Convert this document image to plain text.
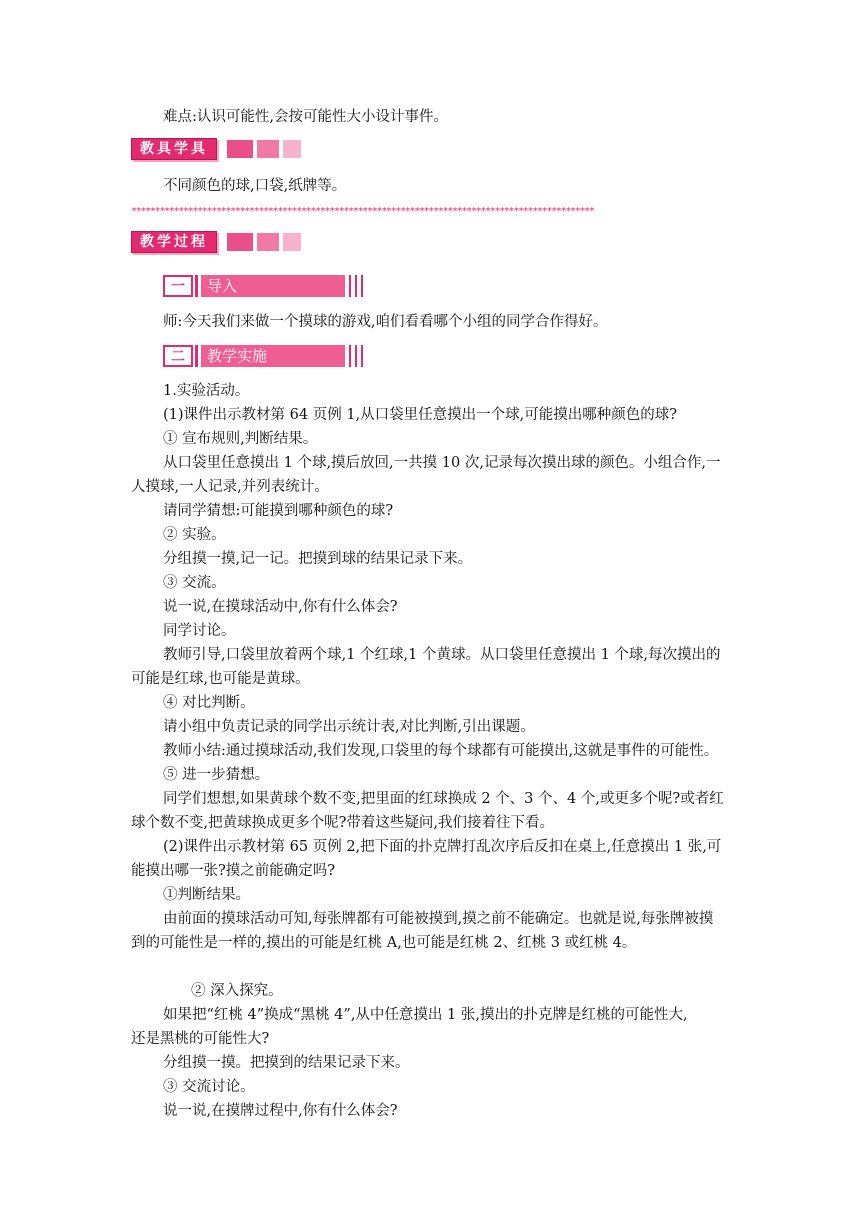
难点:认识可能性,会按可能性大小设计事件。
教具学具
不同颜色的球,口袋,纸牌等。
**************************************************************************************************
教学过程
一	导入
师:今天我们来做一个摸球的游戏,咱们看看哪个小组的同学合作得好。
二	教学实施
1.实验活动。
(1)课件出示教材第 64 页例 1,从口袋里任意摸出一个球,可能摸出哪种颜色的球?
① 宣布规则,判断结果。
从口袋里任意摸出 1 个球,摸后放回,一共摸 10 次,记录每次摸出球的颜色。小组合作,一
人摸球,一人记录,并列表统计。
请同学猜想:可能摸到哪种颜色的球?
② 实验。
分组摸一摸,记一记。把摸到球的结果记录下来。
③ 交流。
说一说,在摸球活动中,你有什么体会?
同学讨论。
教师引导,口袋里放着两个球,1 个红球,1 个黄球。从口袋里任意摸出 1 个球,每次摸出的
可能是红球,也可能是黄球。
④ 对比判断。
请小组中负责记录的同学出示统计表,对比判断,引出课题。
教师小结:通过摸球活动,我们发现,口袋里的每个球都有可能摸出,这就是事件的可能性。
⑤ 进一步猜想。
同学们想想,如果黄球个数不变,把里面的红球换成 2 个、3 个、4 个,或更多个呢?或者红
球个数不变,把黄球换成更多个呢?带着这些疑问,我们接着往下看。
(2)课件出示教材第 65 页例 2,把下面的扑克牌打乱次序后反扣在桌上,任意摸出 1 张,可
能摸出哪一张?摸之前能确定吗?
①判断结果。
由前面的摸球活动可知,每张牌都有可能被摸到,摸之前不能确定。也就是说,每张牌被摸
到的可能性是一样的,摸出的可能是红桃 A,也可能是红桃 2、红桃 3 或红桃 4。
② 深入探究。
如果把“红桃 4”换成“黑桃 4”,从中任意摸出 1 张,摸出的扑克牌是红桃的可能性大,
还是黑桃的可能性大?
分组摸一摸。把摸到的结果记录下来。
③ 交流讨论。
说一说,在摸牌过程中,你有什么体会?
